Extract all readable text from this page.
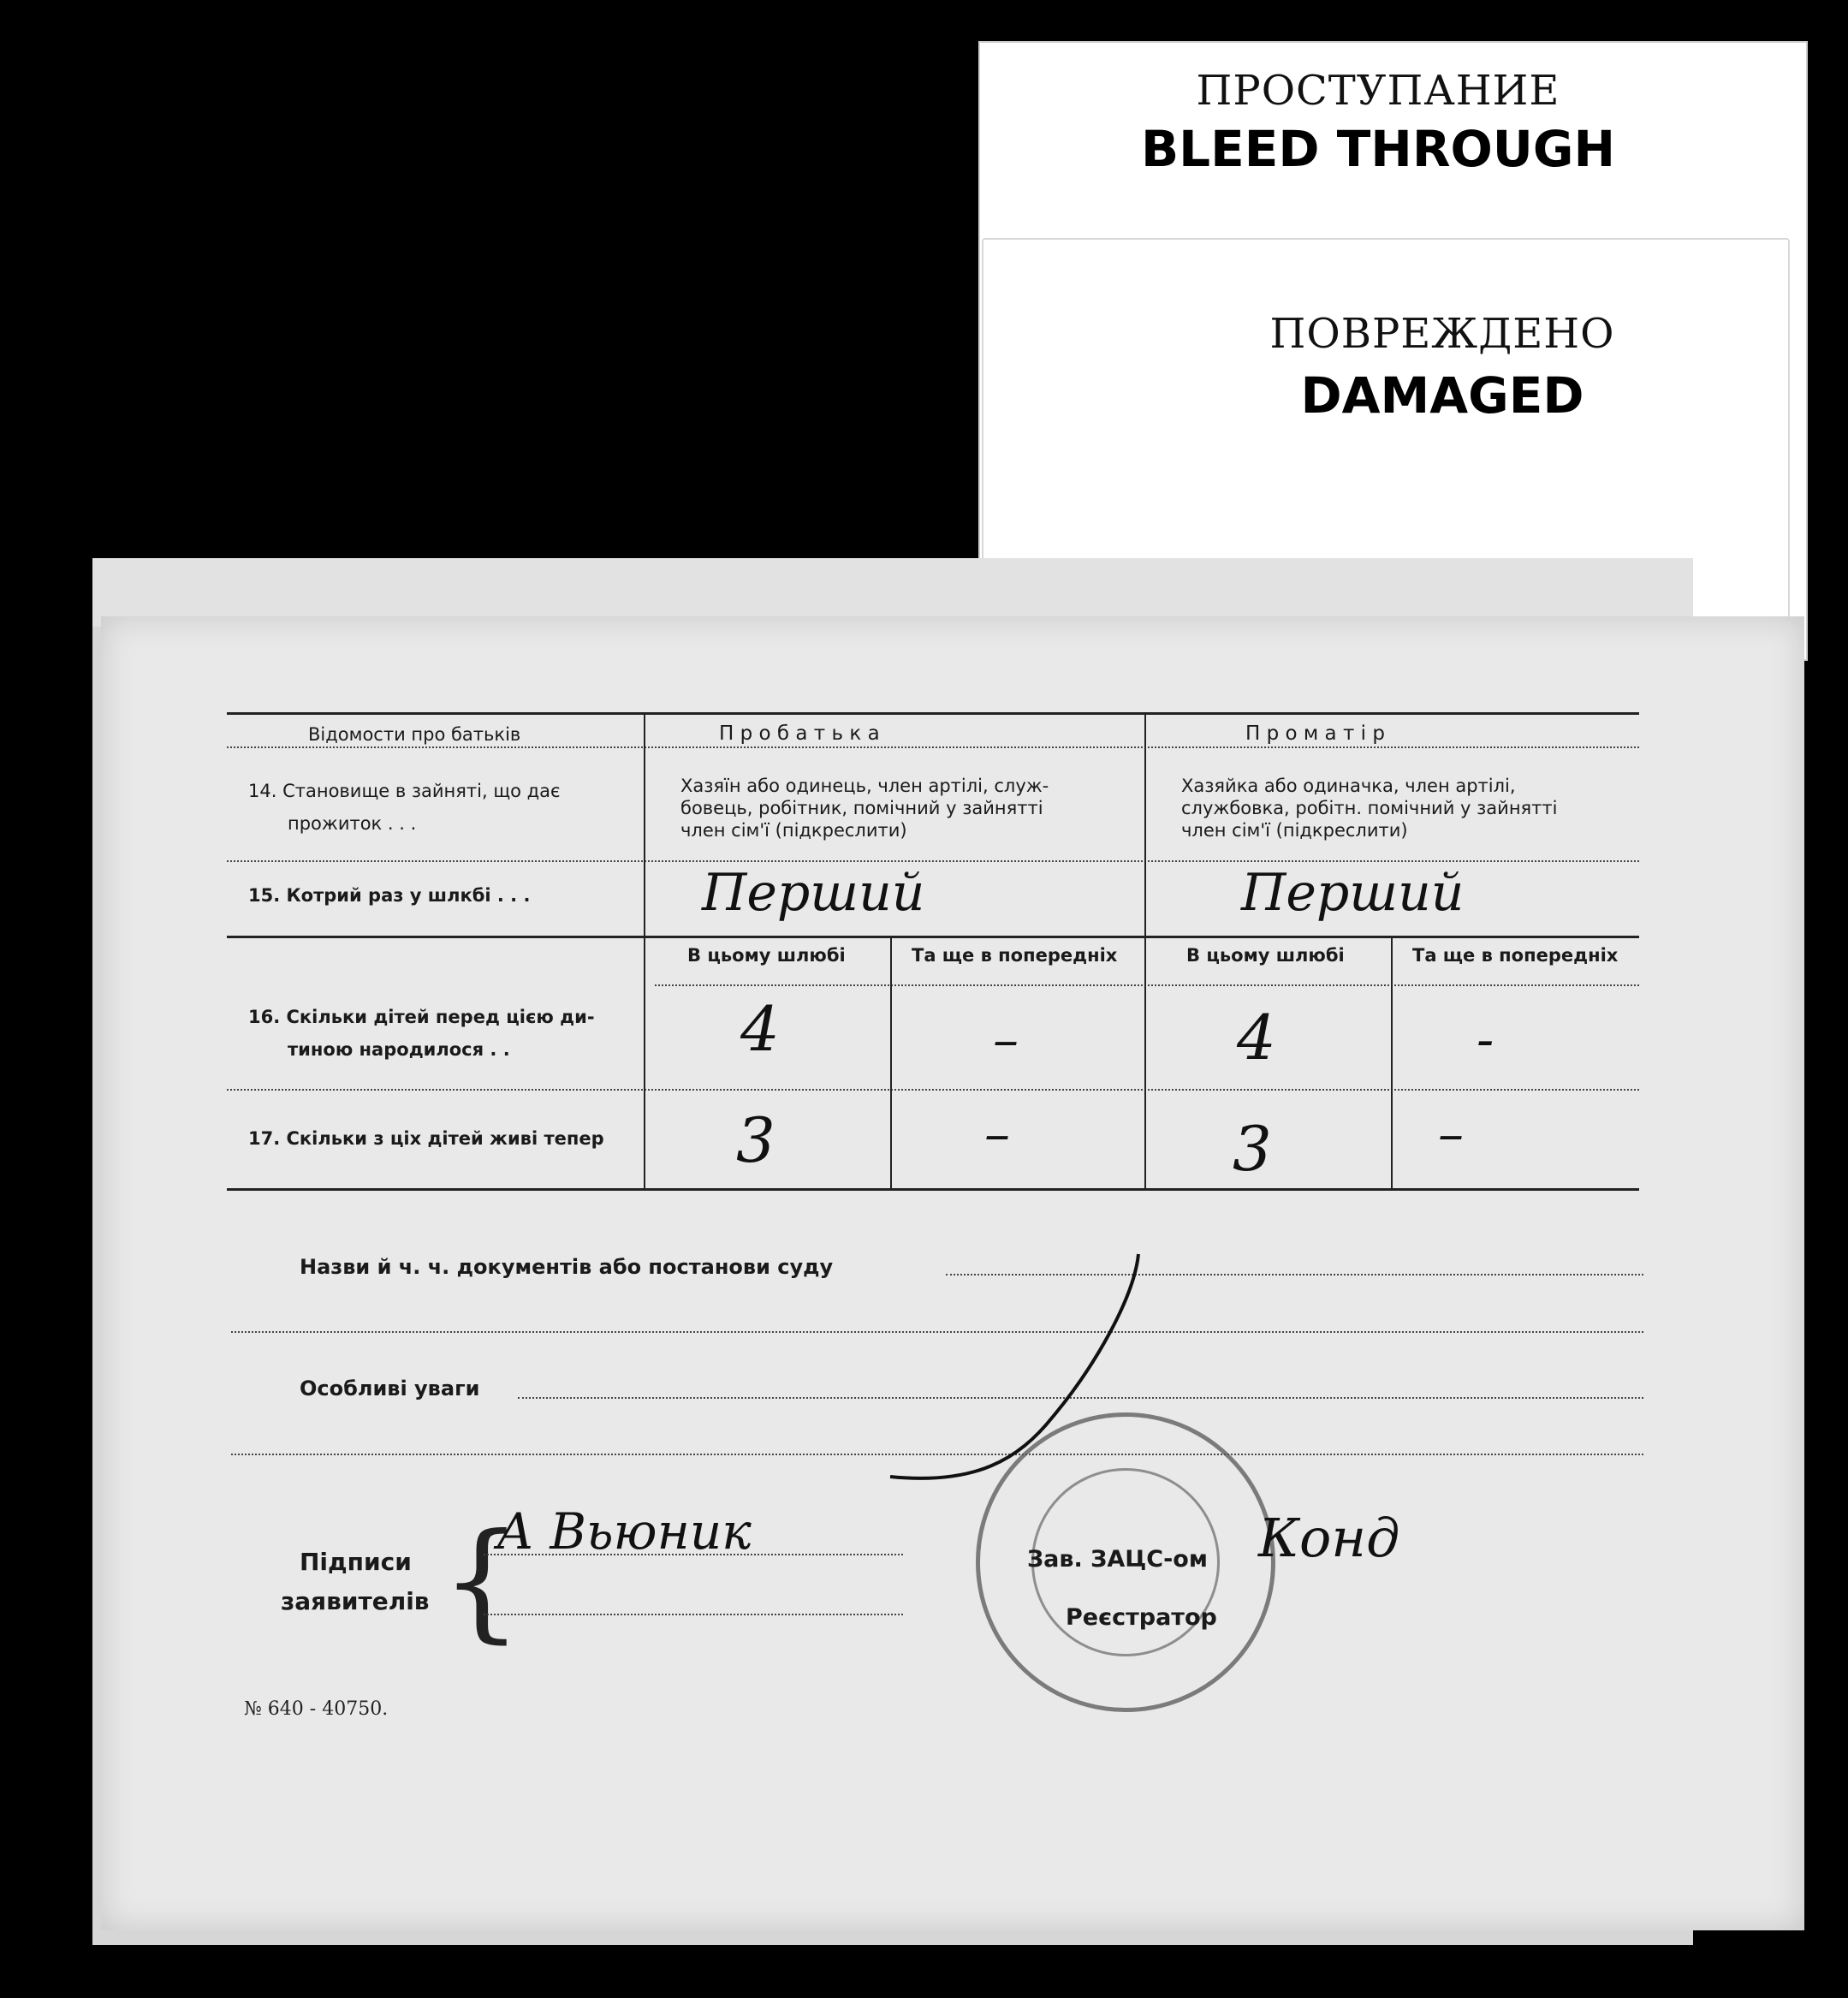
ПРОСТУПАНИЕ
BLEED THROUGH
ПОВРЕЖДЕНО
DAMAGED
Відомости про батьків	П р о б а т ь к а	П р о м а т і р
14. Становище в зайняті, що дає
прожиток . . .
Хазяїн або одинець, член артілі, служ-
бовець, робітник, помічний у зайнятті
член сім'ї (підкреслити)
Хазяйка або одиначка, член артілі,
службовка, робітн. помічний у зайнятті
член сім'ї (підкреслити)
15. Котрий раз у шлкбі . . .	Перший	Перший
В цьому шлюбі	Та ще в попередніх	В цьому шлюбі	Та ще в попередніх
16. Скільки дітей перед цією ди-
тиною народилося . .	4	–	4	-
17. Скільки з ціх дітей живі тепер 3	–	3	–
Назви й ч. ч. документів або постанови суду
Особливі уваги
Підписи
заявителів {
А Вьюник	Зав. ЗАЦС-ом Конд
Реєстратор
№ 640 - 40750.
